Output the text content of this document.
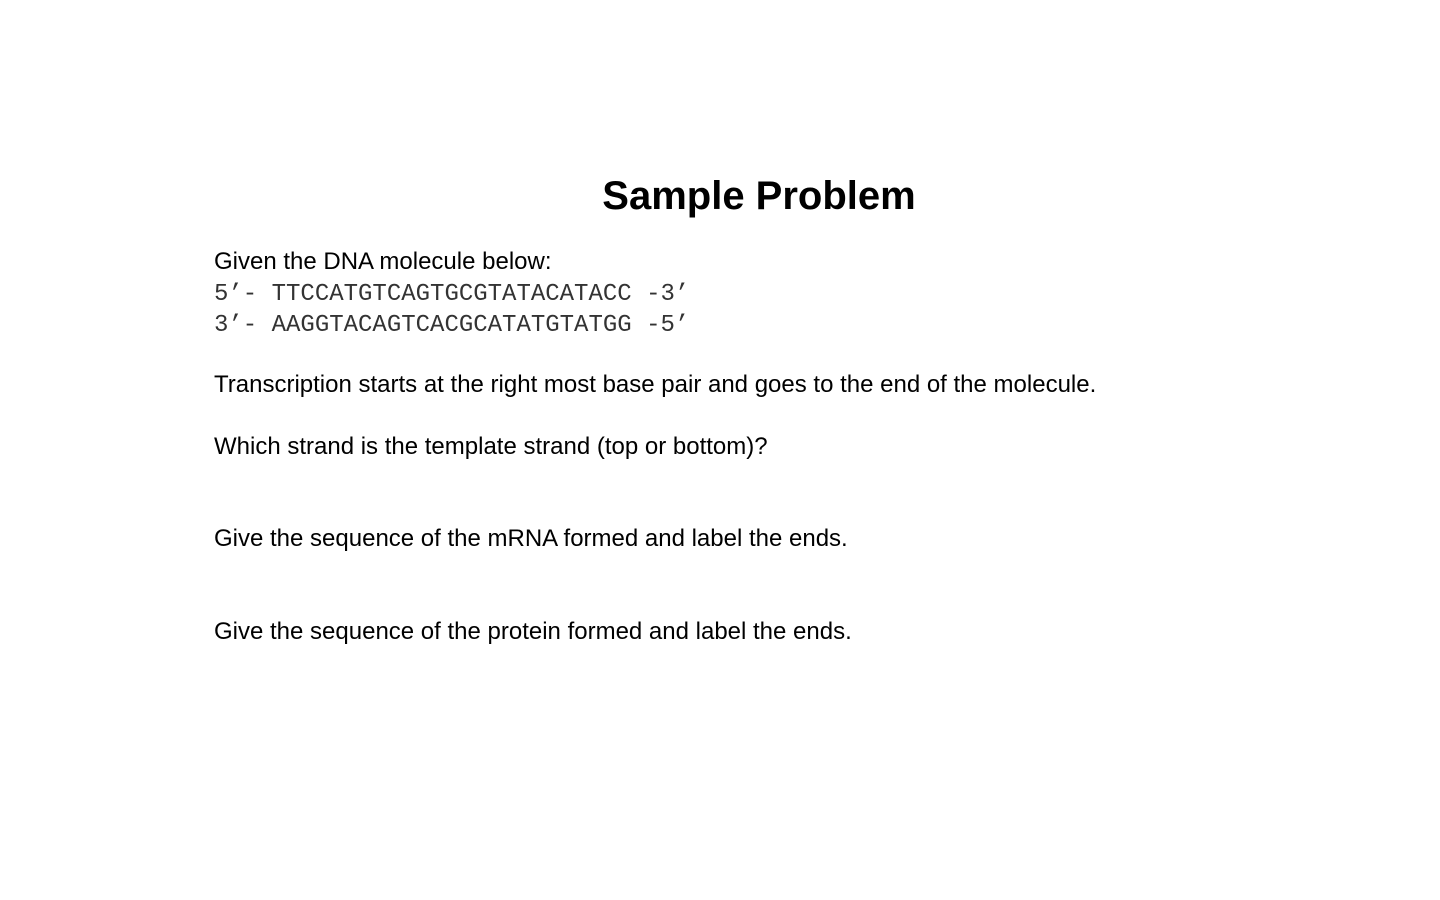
Sample Problem
Given the DNA molecule below:
5’- TTCCATGTCAGTGCGTATACATACC -3’
3’- AAGGTACAGTCACGCATATGTATGG -5’
Transcription starts at the right most base pair and goes to the end of the molecule.
Which strand is the template strand (top or bottom)?
Give the sequence of the mRNA formed and label the ends.
Give the sequence of the protein formed and label the ends.
